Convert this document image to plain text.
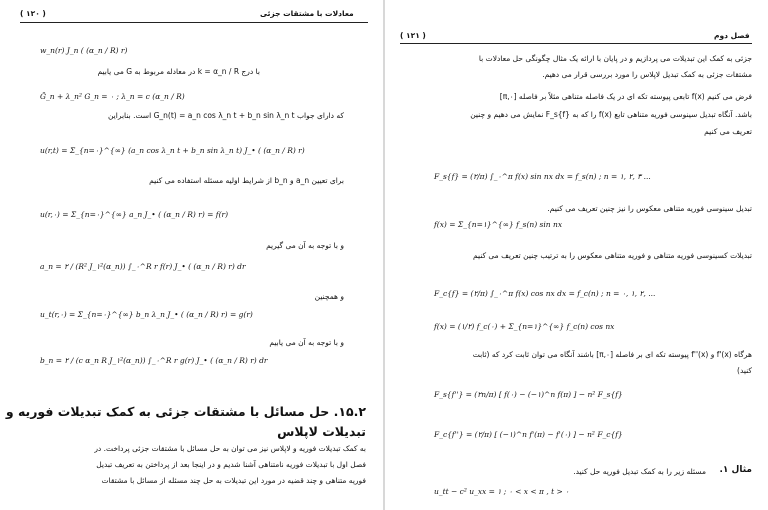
( ۱۲۰ )	معادلات با مشتقات جزئی
w_n(r) J_n ( (α_n / R) r)
با درج k = α_n / R در معادله مربوط به G می یابیم
G̈_n + λ_n² G_n = ۰ ; λ_n = c (α_n / R)
که دارای جواب G_n(t) = a_n cos λ_n t + b_n sin λ_n t است. بنابراین
u(r,t) = Σ_{n=۰}^{∞} (a_n cos λ_n t + b_n sin λ_n t) J_• ( (α_n / R) r)
برای تعیین a_n و b_n از شرایط اولیه مسئله استفاده می کنیم
u(r,۰) = Σ_{n=۰}^{∞} a_n J_• ( (α_n / R) r) = f(r)
و با توجه به آن می گیریم
a_n = ۲ / (R² J_۱²(α_n)) ∫_۰^R r f(r) J_• ( (α_n / R) r) dr
و همچنین
u_t(r,۰) = Σ_{n=۰}^{∞} b_n λ_n J_• ( (α_n / R) r) = g(r)
و با توجه به آن می یابیم
b_n = ۲ / (c α_n R J_۱²(α_n)) ∫_۰^R r g(r) J_• ( (α_n / R) r) dr
۱۵.۲. حل مسائل با مشتقات جزئی به کمک تبدیلات فوریه و
تبدیلات لاپلاس
به کمک تبدیلات فوریه و لاپلاس نیز می توان به حل مسائل با مشتقات جزئی پرداخت. در
فصل اول با تبدیلات فوریه نامتناهی آشنا شدیم و در اینجا بعد از پرداختن به تعریف تبدیل
فوریه متناهی و چند قضیه در مورد این تبدیلات به حل چند مسئله از مسائل با مشتقات
( ۱۲۱ )	فصل دوم
جزئی به کمک این تبدیلات می پردازیم و در پایان با ارائه یک مثال چگونگی حل معادلات با
مشتقات جزئی به کمک تبدیل لاپلاس را مورد بررسی قرار می دهیم.
فرض می کنیم f(x) تابعی پیوسته تکه ای در یک فاصله متناهی مثلاً بر فاصله [۰,π]
باشد. آنگاه تبدیل سینوسی فوریه متناهی تابع f(x) را که به F_s{f} نمایش می دهیم و چنین
تعریف می کنیم
F_s{f} = (۲/π) ∫_۰^π f(x) sin nx dx = f_s(n) ; n = ۱, ۲, ۳ ...
تبدیل سینوسی فوریه متناهی معکوس را نیز چنین تعریف می کنیم.
f(x) = Σ_{n=۱}^{∞} f_s(n) sin nx
تبدیلات کسینوسی فوریه متناهی و فوریه متناهی معکوس را به ترتیب چنین تعریف می کنیم
F_c{f} = (۲/π) ∫_۰^π f(x) cos nx dx = f_c(n) ; n = ۰, ۱, ۲, ...
f(x) = (۱/۲) f_c(۰) + Σ_{n=۱}^{∞} f_c(n) cos nx
هرگاه f'(x) و f''(x) پیوسته تکه ای بر فاصله [۰,π] باشند آنگاه می توان ثابت کرد که (ثابت
کنید)
F_s{f''} = (۲n/π) [ f(۰) − (−۱)^n f(π) ] − n² F_s{f}
F_c{f''} = (۲/π) [ (−۱)^n f'(π) − f'(۰) ] − n² F_c{f}
مثال ۱.
مسئله زیر را به کمک تبدیل فوریه حل کنید.
u_tt − c² u_xx = ۱ ; ۰ < x < π , t > ۰
